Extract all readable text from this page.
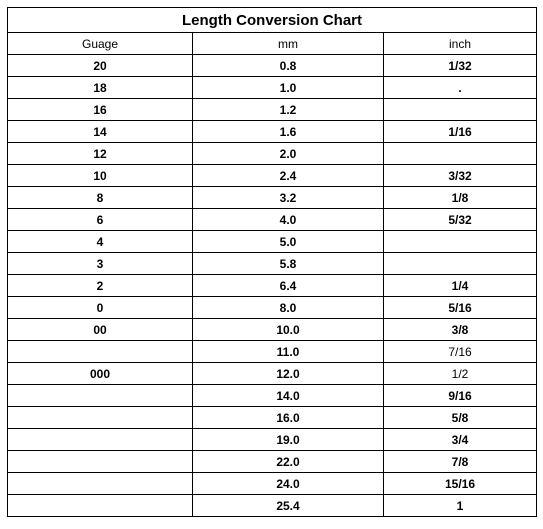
Length Conversion Chart		
Guage	mm	inch
20	0.8	1/32
18	1.0	.
16	1.2	
14	1.6	1/16
12	2.0	
10	2.4	3/32
8	3.2	1/8
6	4.0	5/32
4	5.0	
3	5.8	
2	6.4	1/4
0	8.0	5/16
00	10.0	3/8
	11.0	7/16
000	12.0	1/2
	14.0	9/16
	16.0	5/8
	19.0	3/4
	22.0	7/8
	24.0	15/16
	25.4	1
